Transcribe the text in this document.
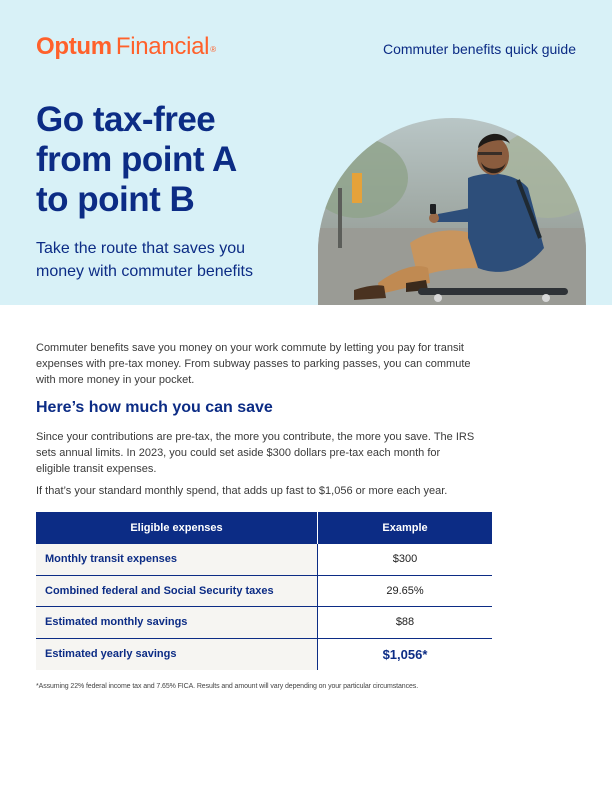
Optum Financial®	Commuter benefits quick guide
Go tax-free
from point A
to point B
Take the route that saves you
money with commuter benefits
Commuter benefits save you money on your work commute by letting you pay for transit
expenses with pre-tax money. From subway passes to parking passes, you can commute
with more money in your pocket.
Here’s how much you can save
Since your contributions are pre-tax, the more you contribute, the more you save. The IRS
sets annual limits. In 2023, you could set aside $300 dollars pre-tax each month for
eligible transit expenses.
If that’s your standard monthly spend, that adds up fast to $1,056 or more each year.
Eligible expenses	Example
Monthly transit expenses	$300
Combined federal and Social Security taxes	29.65%
Estimated monthly savings	$88
Estimated yearly savings	$1,056*
*Assuming 22% federal income tax and 7.65% FICA. Results and amount will vary depending on your particular circumstances.
